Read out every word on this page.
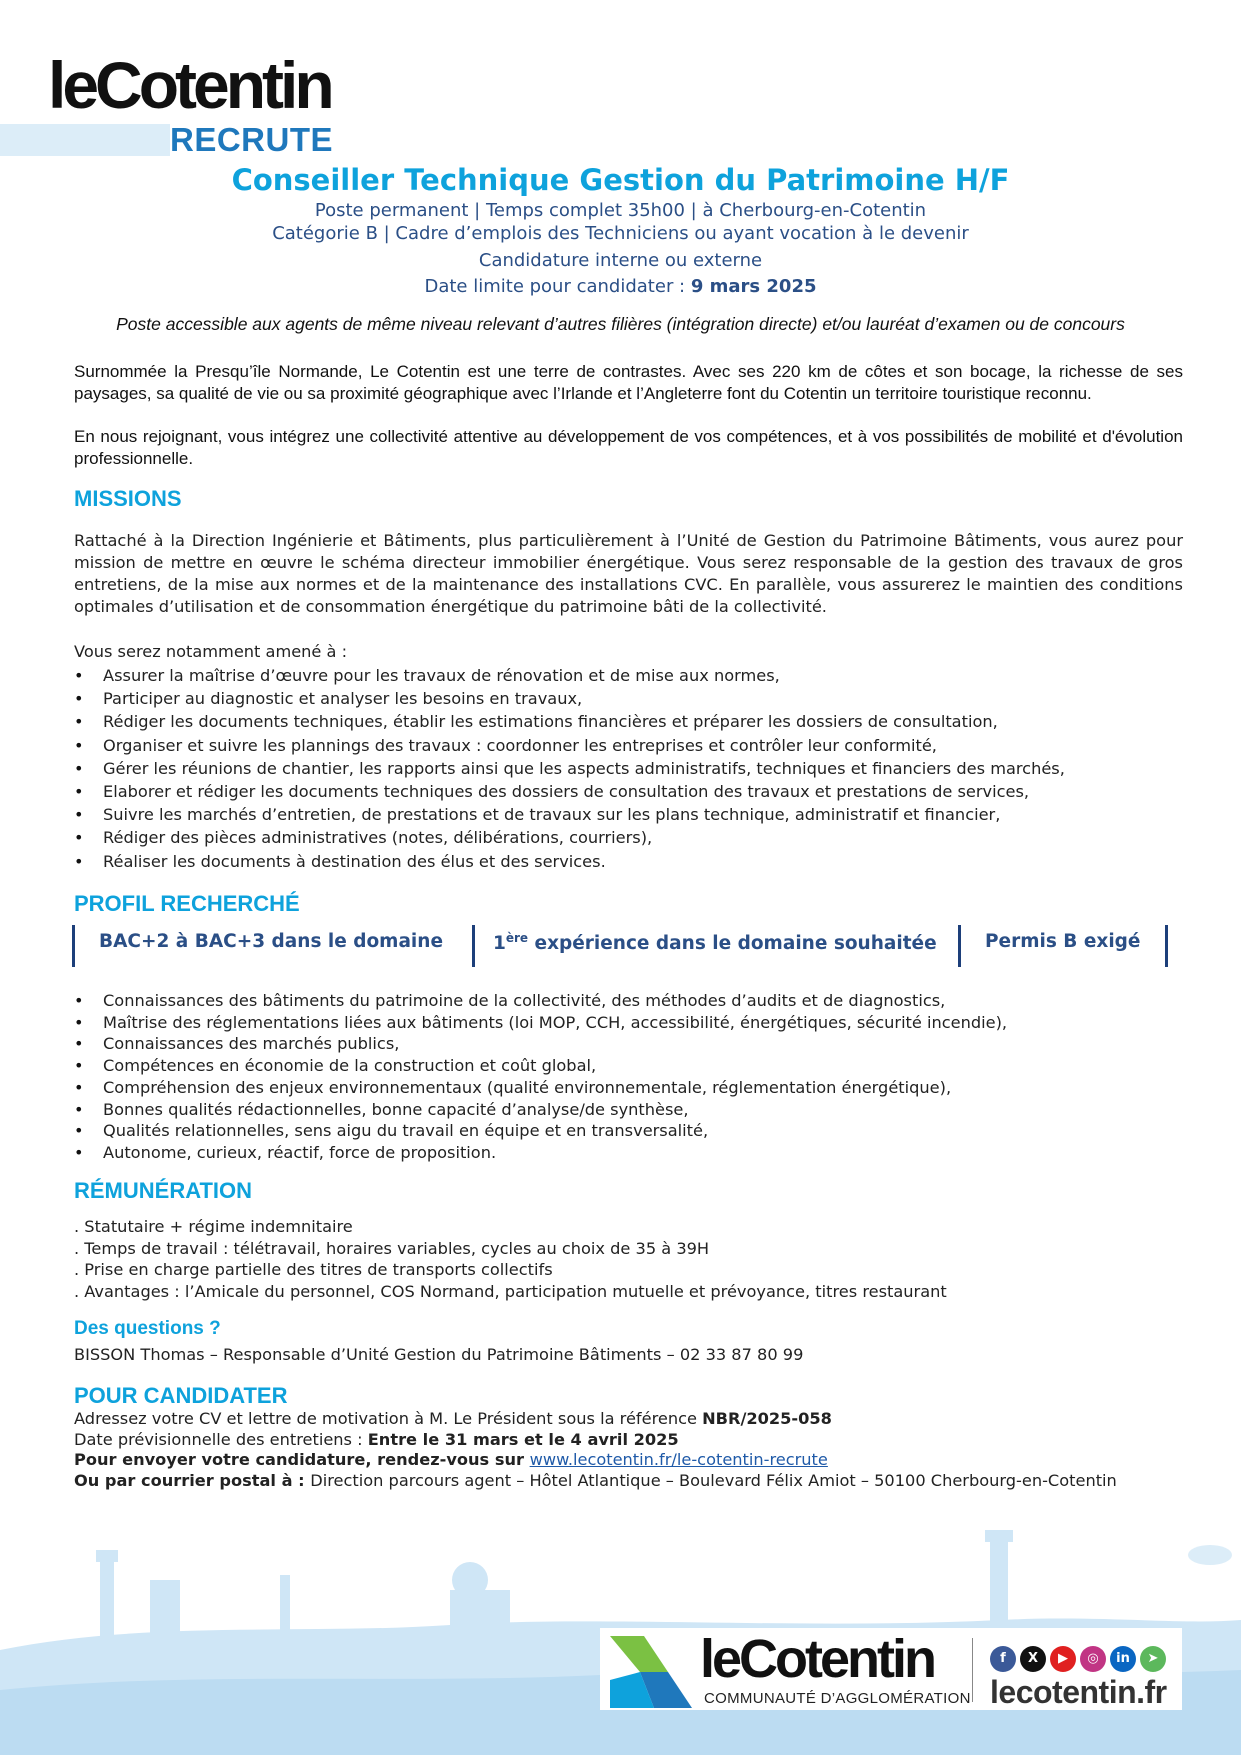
leCotentin
RECRUTE
Conseiller Technique Gestion du Patrimoine H/F
Poste permanent | Temps complet 35h00 | à Cherbourg-en-Cotentin
Catégorie B | Cadre d’emplois des Techniciens ou ayant vocation à le devenir
Candidature interne ou externe
Date limite pour candidater : 9 mars 2025
Poste accessible aux agents de même niveau relevant d’autres filières (intégration directe) et/ou lauréat d’examen ou de concours
Surnommée la Presqu’île Normande, Le Cotentin est une terre de contrastes. Avec ses 220 km de côtes et son bocage, la richesse de ses paysages, sa qualité de vie ou sa proximité géographique avec l’Irlande et l’Angleterre font du Cotentin un territoire touristique reconnu.
En nous rejoignant, vous intégrez une collectivité attentive au développement de vos compétences, et à vos possibilités de mobilité et d'évolution professionnelle.
MISSIONS
Rattaché à la Direction Ingénierie et Bâtiments, plus particulièrement à l’Unité de Gestion du Patrimoine Bâtiments, vous aurez pour mission de mettre en œuvre le schéma directeur immobilier énergétique. Vous serez responsable de la gestion des travaux de gros entretiens, de la mise aux normes et de la maintenance des installations CVC. En parallèle, vous assurerez le maintien des conditions optimales d’utilisation et de consommation énergétique du patrimoine bâti de la collectivité.
Vous serez notamment amené à :
• Assurer la maîtrise d’œuvre pour les travaux de rénovation et de mise aux normes,
• Participer au diagnostic et analyser les besoins en travaux,
• Rédiger les documents techniques, établir les estimations financières et préparer les dossiers de consultation,
• Organiser et suivre les plannings des travaux : coordonner les entreprises et contrôler leur conformité,
• Gérer les réunions de chantier, les rapports ainsi que les aspects administratifs, techniques et financiers des marchés,
• Elaborer et rédiger les documents techniques des dossiers de consultation des travaux et prestations de services,
• Suivre les marchés d’entretien, de prestations et de travaux sur les plans technique, administratif et financier,
• Rédiger des pièces administratives (notes, délibérations, courriers),
• Réaliser les documents à destination des élus et des services.
PROFIL RECHERCHÉ
BAC+2 à BAC+3 dans le domaine	1ère expérience dans le domaine souhaitée	Permis B exigé
• Connaissances des bâtiments du patrimoine de la collectivité, des méthodes d’audits et de diagnostics,
• Maîtrise des réglementations liées aux bâtiments (loi MOP, CCH, accessibilité, énergétiques, sécurité incendie),
• Connaissances des marchés publics,
• Compétences en économie de la construction et coût global,
• Compréhension des enjeux environnementaux (qualité environnementale, réglementation énergétique),
• Bonnes qualités rédactionnelles, bonne capacité d’analyse/de synthèse,
• Qualités relationnelles, sens aigu du travail en équipe et en transversalité,
• Autonome, curieux, réactif, force de proposition.
RÉMUNÉRATION
. Statutaire + régime indemnitaire
. Temps de travail : télétravail, horaires variables, cycles au choix de 35 à 39H
. Prise en charge partielle des titres de transports collectifs
. Avantages : l’Amicale du personnel, COS Normand, participation mutuelle et prévoyance, titres restaurant
Des questions ?
BISSON Thomas – Responsable d’Unité Gestion du Patrimoine Bâtiments – 02 33 87 80 99
POUR CANDIDATER
Adressez votre CV et lettre de motivation à M. Le Président sous la référence NBR/2025-058
Date prévisionnelle des entretiens : Entre le 31 mars et le 4 avril 2025
Pour envoyer votre candidature, rendez-vous sur www.lecotentin.fr/le-cotentin-recrute
Ou par courrier postal à : Direction parcours agent – Hôtel Atlantique – Boulevard Félix Amiot – 50100 Cherbourg-en-Cotentin
leCotentin
COMMUNAUTÉ D’AGGLOMÉRATION
f	X	▶	◎	in	➤
lecotentin.fr
